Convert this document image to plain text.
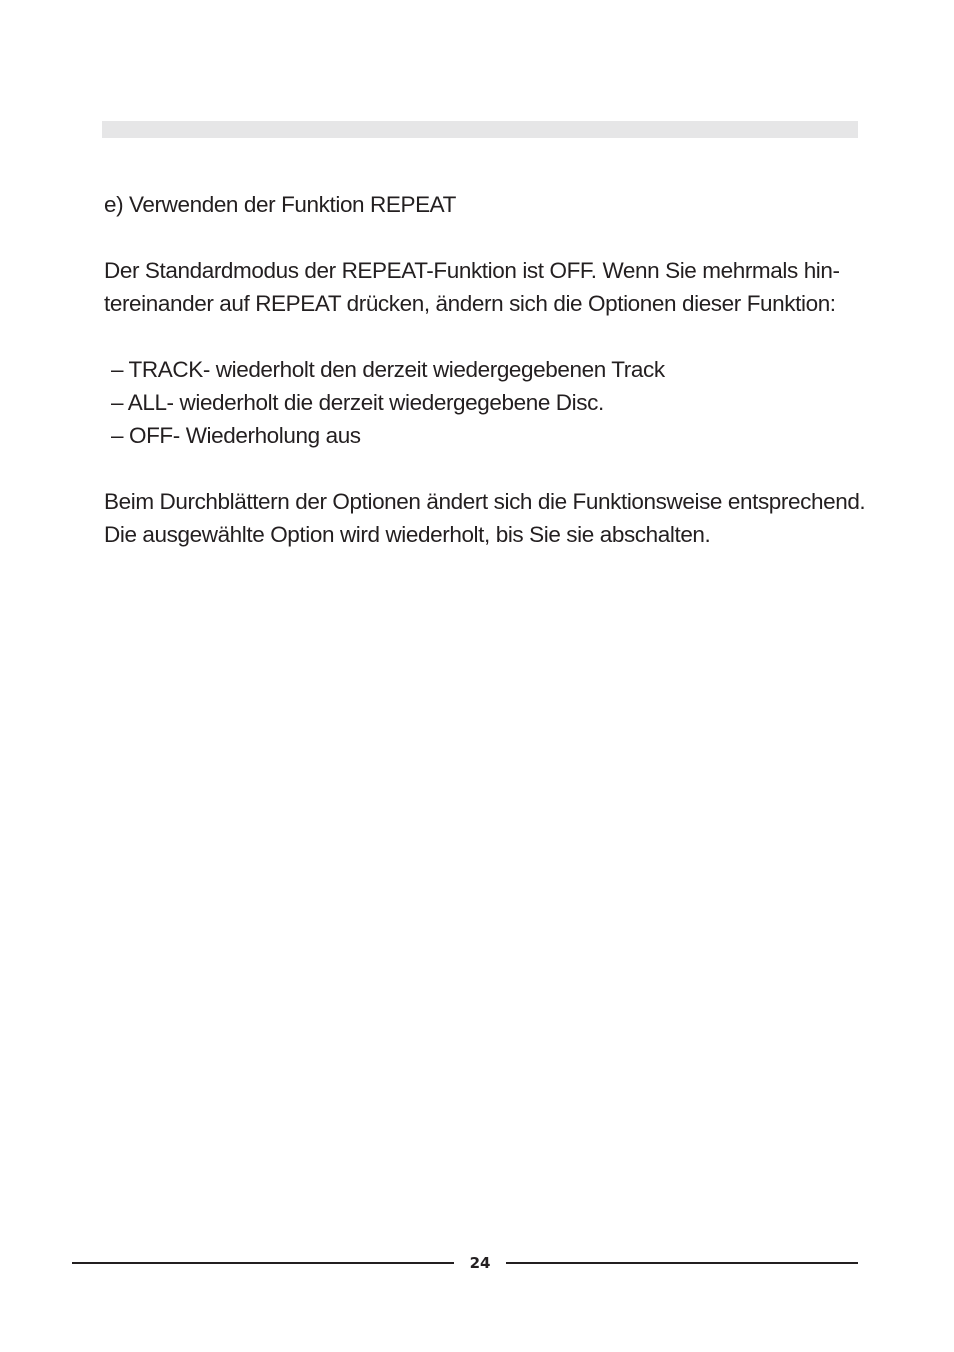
e) Verwenden der Funktion REPEAT

Der Standardmodus der REPEAT-Funktion ist OFF. Wenn Sie mehrmals hin-

tereinander auf REPEAT drücken, ändern sich die Optionen dieser Funktion:

– TRACK- wiederholt den derzeit wiedergegebenen Track
– ALL- wiederholt die derzeit wiedergegebene Disc.
– OFF- Wiederholung aus

Beim Durchblättern der Optionen ändert sich die Funktionsweise entsprechend.

Die ausgewählte Option wird wiederholt, bis Sie sie abschalten.

24
